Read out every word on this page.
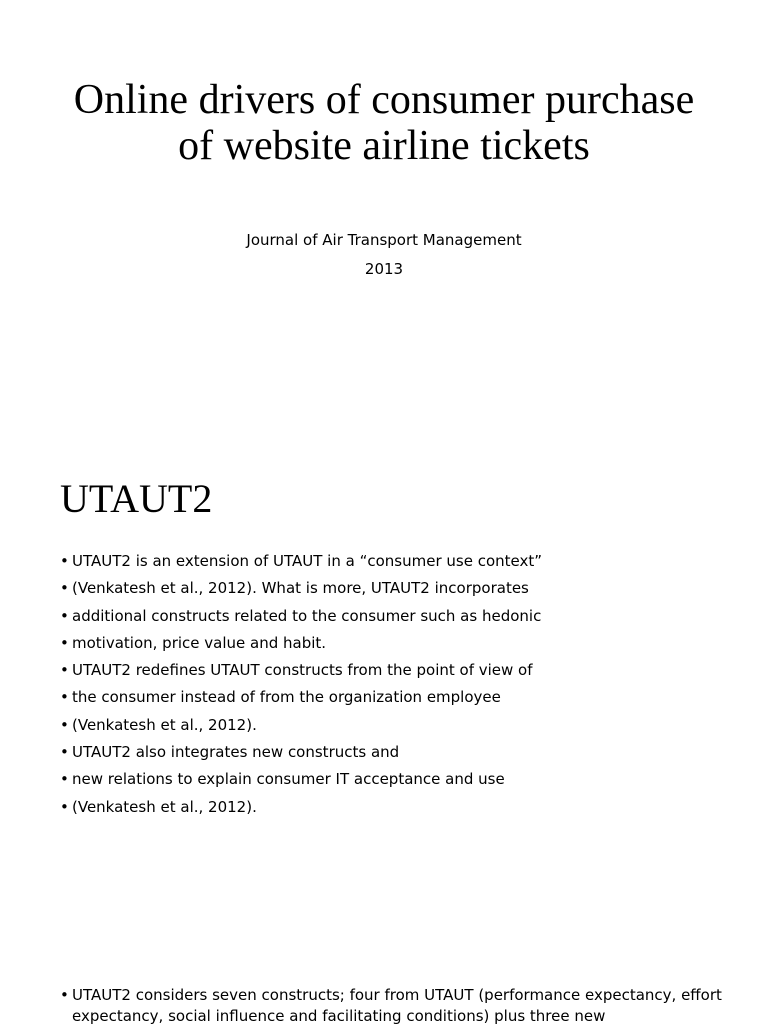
Online drivers of consumer purchase of website airline tickets
Journal of Air Transport Management
2013
UTAUT2
• UTAUT2 is an extension of UTAUT in a “consumer use context”
• (Venkatesh et al., 2012). What is more, UTAUT2 incorporates
• additional constructs related to the consumer such as hedonic
• motivation, price value and habit.
• UTAUT2 redefines UTAUT constructs from the point of view of
• the consumer instead of from the organization employee
• (Venkatesh et al., 2012).
• UTAUT2 also integrates new constructs and
• new relations to explain consumer IT acceptance and use
• (Venkatesh et al., 2012).
• UTAUT2 considers seven constructs; four from UTAUT (performance expectancy, effort expectancy, social influence and facilitating conditions) plus three new
